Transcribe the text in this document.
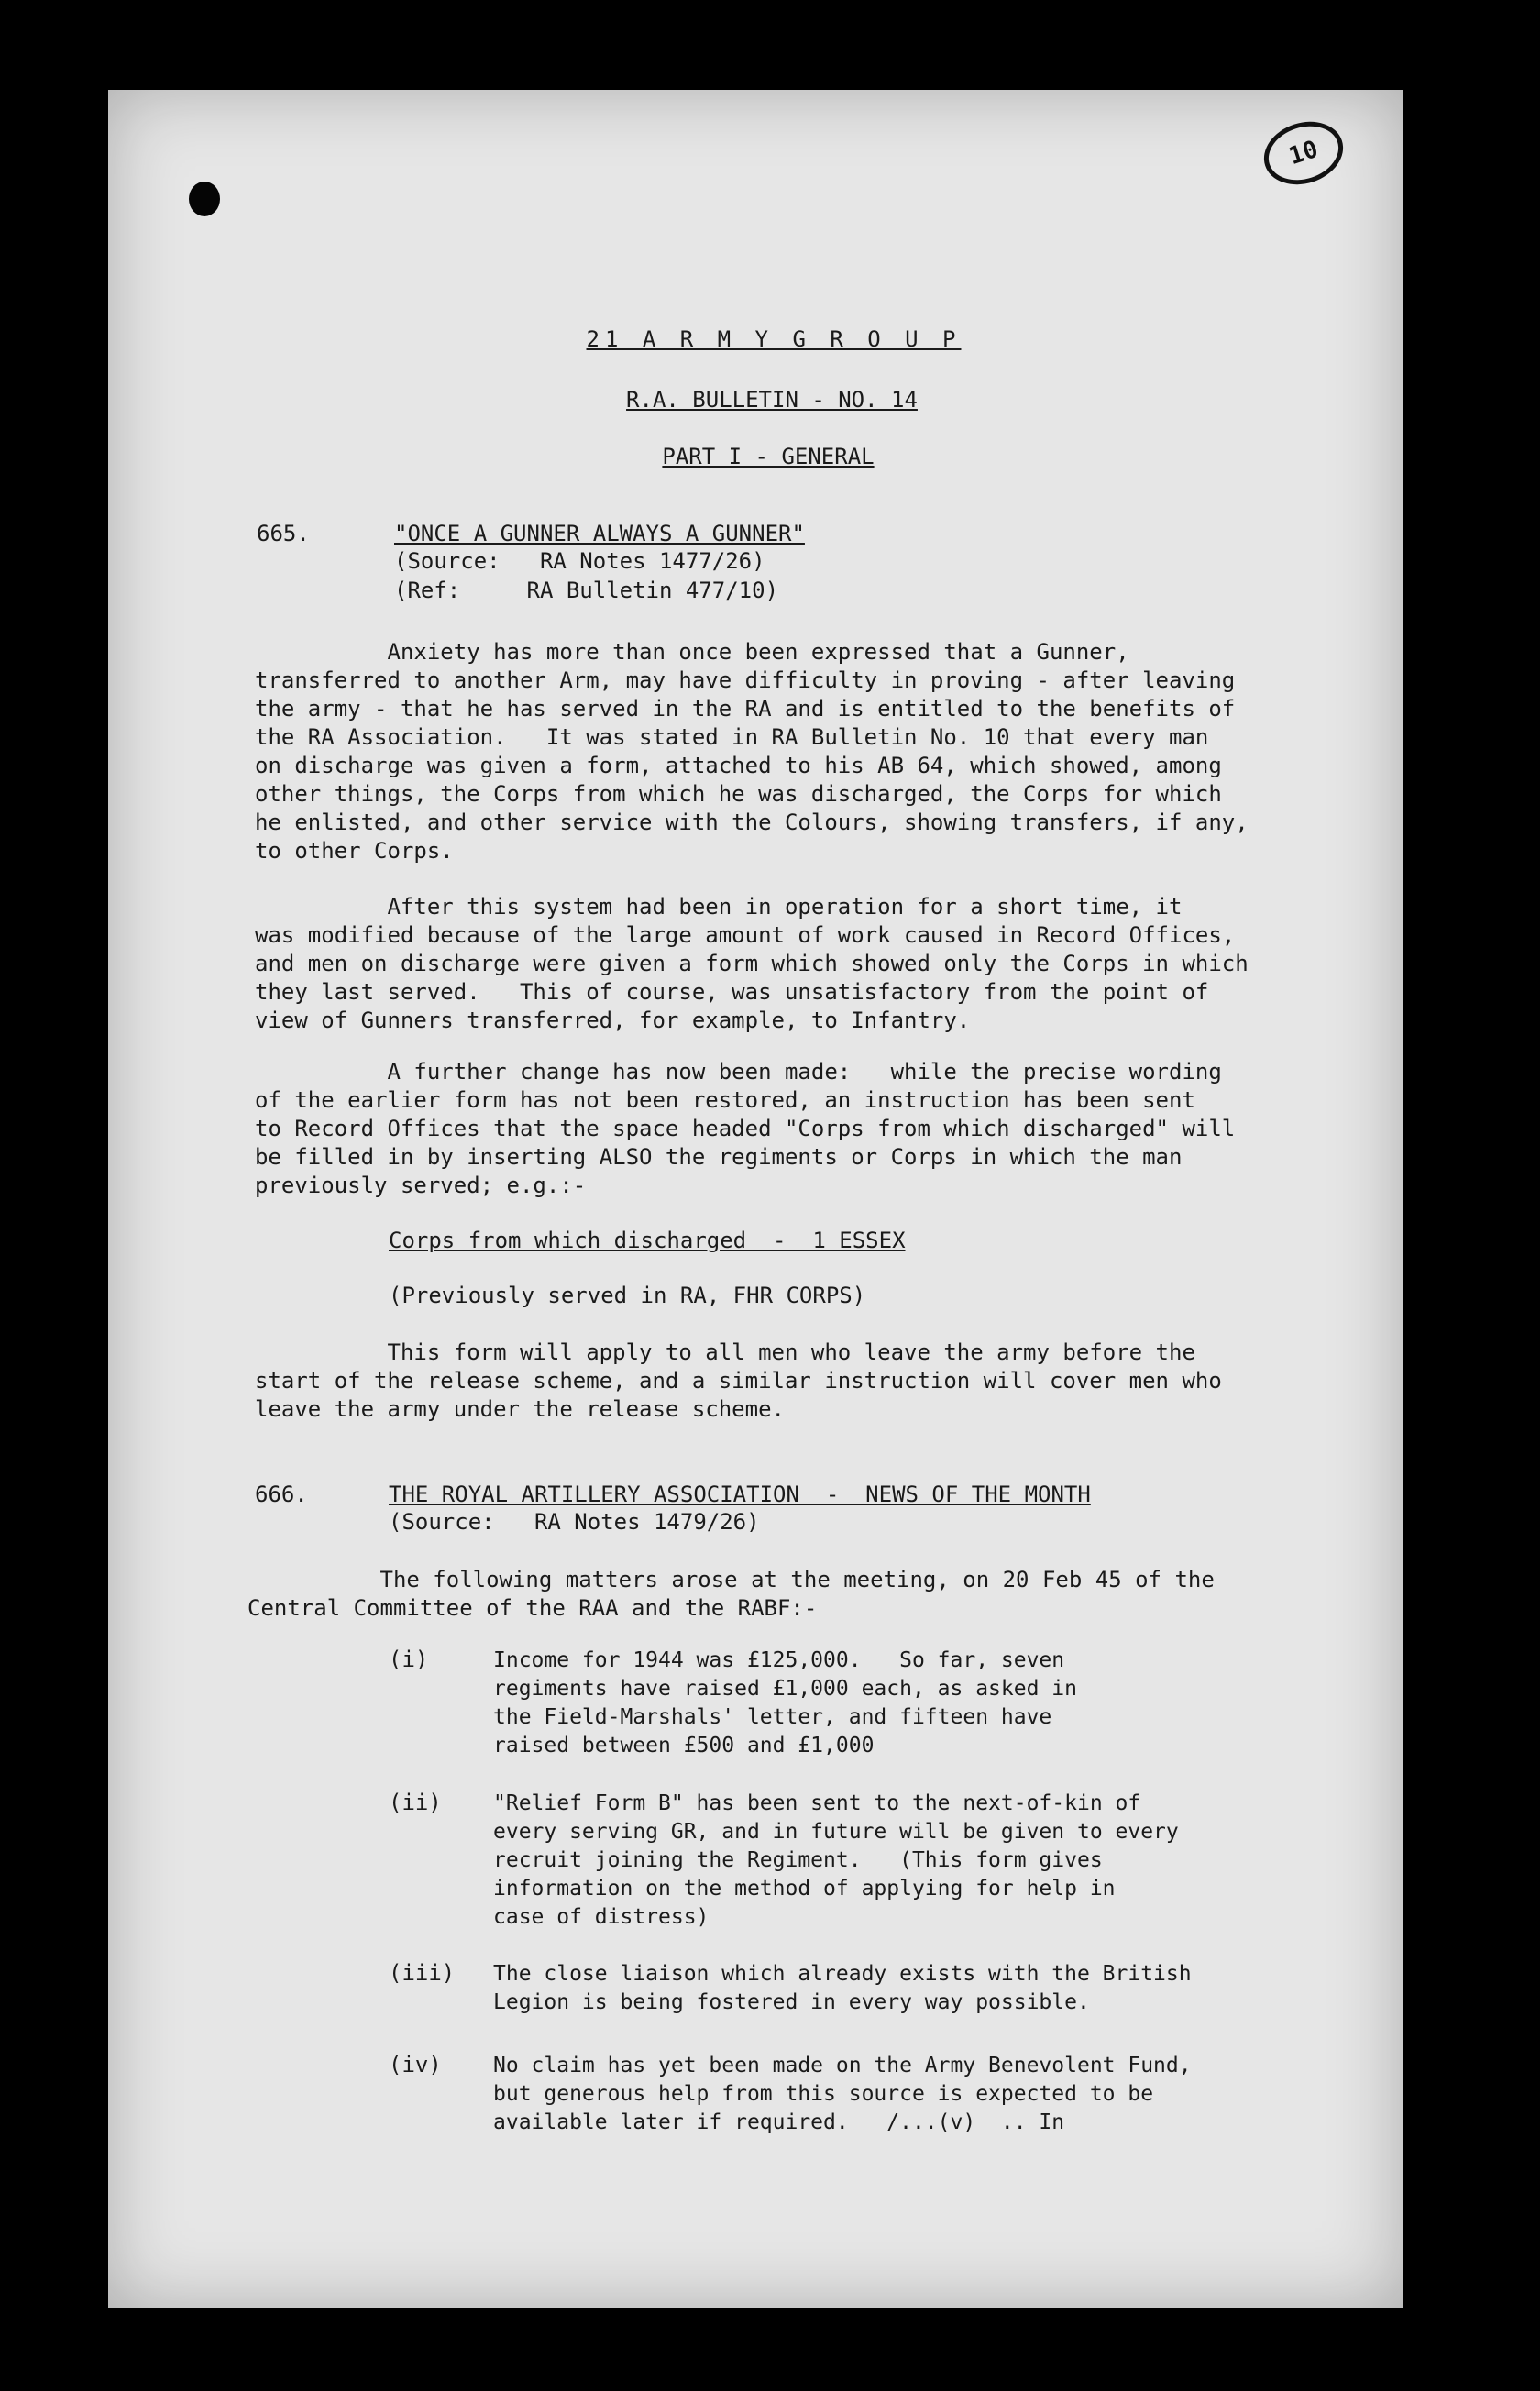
10
21 A R M Y G R O U P
R.A. BULLETIN - NO. 14
PART I - GENERAL
665.	"ONCE A GUNNER ALWAYS A GUNNER"
(Source:   RA Notes 1477/26)
(Ref:     RA Bulletin 477/10)
Anxiety has more than once been expressed that a Gunner,
transferred to another Arm, may have difficulty in proving - after leaving
the army - that he has served in the RA and is entitled to the benefits of
the RA Association.   It was stated in RA Bulletin No. 10 that every man
on discharge was given a form, attached to his AB 64, which showed, among
other things, the Corps from which he was discharged, the Corps for which
he enlisted, and other service with the Colours, showing transfers, if any,
to other Corps.
After this system had been in operation for a short time, it
was modified because of the large amount of work caused in Record Offices,
and men on discharge were given a form which showed only the Corps in which
they last served.   This of course, was unsatisfactory from the point of
view of Gunners transferred, for example, to Infantry.
A further change has now been made:   while the precise wording
of the earlier form has not been restored, an instruction has been sent
to Record Offices that the space headed "Corps from which discharged" will
be filled in by inserting ALSO the regiments or Corps in which the man
previously served; e.g.:-
Corps from which discharged  -  1 ESSEX
(Previously served in RA, FHR CORPS)
This form will apply to all men who leave the army before the
start of the release scheme, and a similar instruction will cover men who
leave the army under the release scheme.
666.	THE ROYAL ARTILLERY ASSOCIATION  -  NEWS OF THE MONTH
(Source:   RA Notes 1479/26)
The following matters arose at the meeting, on 20 Feb 45 of the
Central Committee of the RAA and the RABF:-
(i)	Income for 1944 was £125,000.   So far, seven
regiments have raised £1,000 each, as asked in
the Field-Marshals' letter, and fifteen have
raised between £500 and £1,000
(ii) "Relief Form B" has been sent to the next-of-kin of
every serving GR, and in future will be given to every
recruit joining the Regiment.   (This form gives
information on the method of applying for help in
case of distress)
(iii) The close liaison which already exists with the British
Legion is being fostered in every way possible.
(iv) No claim has yet been made on the Army Benevolent Fund,
but generous help from this source is expected to be
available later if required.   /...(v)  .. In
